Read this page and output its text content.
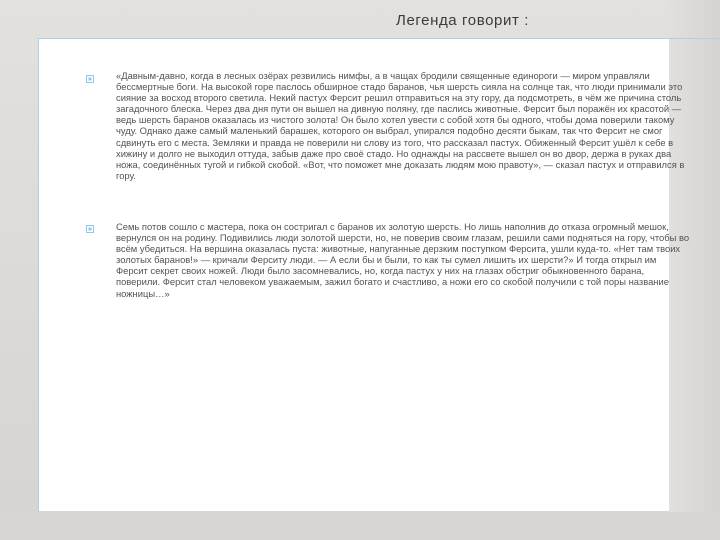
Легенда говорит :

«Давным-давно, когда в лесных озёрах резвились нимфы, а в чащах бродили священные единороги — миром управляли бессмертные боги. На высокой горе паслось обширное стадо баранов, чья шерсть сияла на солнце так, что люди принимали это сияние за восход второго светила. Некий пастух Ферсит решил отправиться на эту гору, да подсмотреть, в чём же причина столь загадочного блеска. Через два дня пути он вышел на дивную поляну, где паслись животные. Ферсит был поражён их красотой — ведь шерсть баранов оказалась из чистого золота! Он было хотел увести с собой хотя бы одного, чтобы дома поверили такому чуду. Однако даже самый маленький барашек, которого он выбрал, упирался подобно десяти быкам, так что Ферсит не смог сдвинуть его с места. Земляки и правда не поверили ни слову из того, что рассказал пастух. Обиженный Ферсит ушёл к себе в хижину и долго не выходил оттуда, забыв даже про своё стадо. Но однажды на рассвете вышел он во двор, держа в руках два ножа, соединённых тугой и гибкой скобой. «Вот, что поможет мне доказать людям мою правоту», — сказал пастух и отправился в гору.

Семь потов сошло с мастера, пока он состригал с баранов их золотую шерсть. Но лишь наполнив до отказа огромный мешок, вернулся он на родину. Подивились люди золотой шерсти, но, не поверив своим глазам, решили сами подняться на гору, чтобы во всём убедиться. На вершина оказалась пуста: животные, напуганные дерзким поступком Ферсита, ушли куда-то. «Нет там твоих золотых баранов!» — кричали Ферситу люди. — А если бы и были, то как ты сумел лишить их шерсти?» И тогда открыл им Ферсит секрет своих ножей. Люди было засомневались, но, когда пастух у них на глазах обстриг обыкновенного барана, поверили. Ферсит стал человеком уважаемым, зажил богато и счастливо, а ножи его со скобой получили с той поры название ножницы…»
